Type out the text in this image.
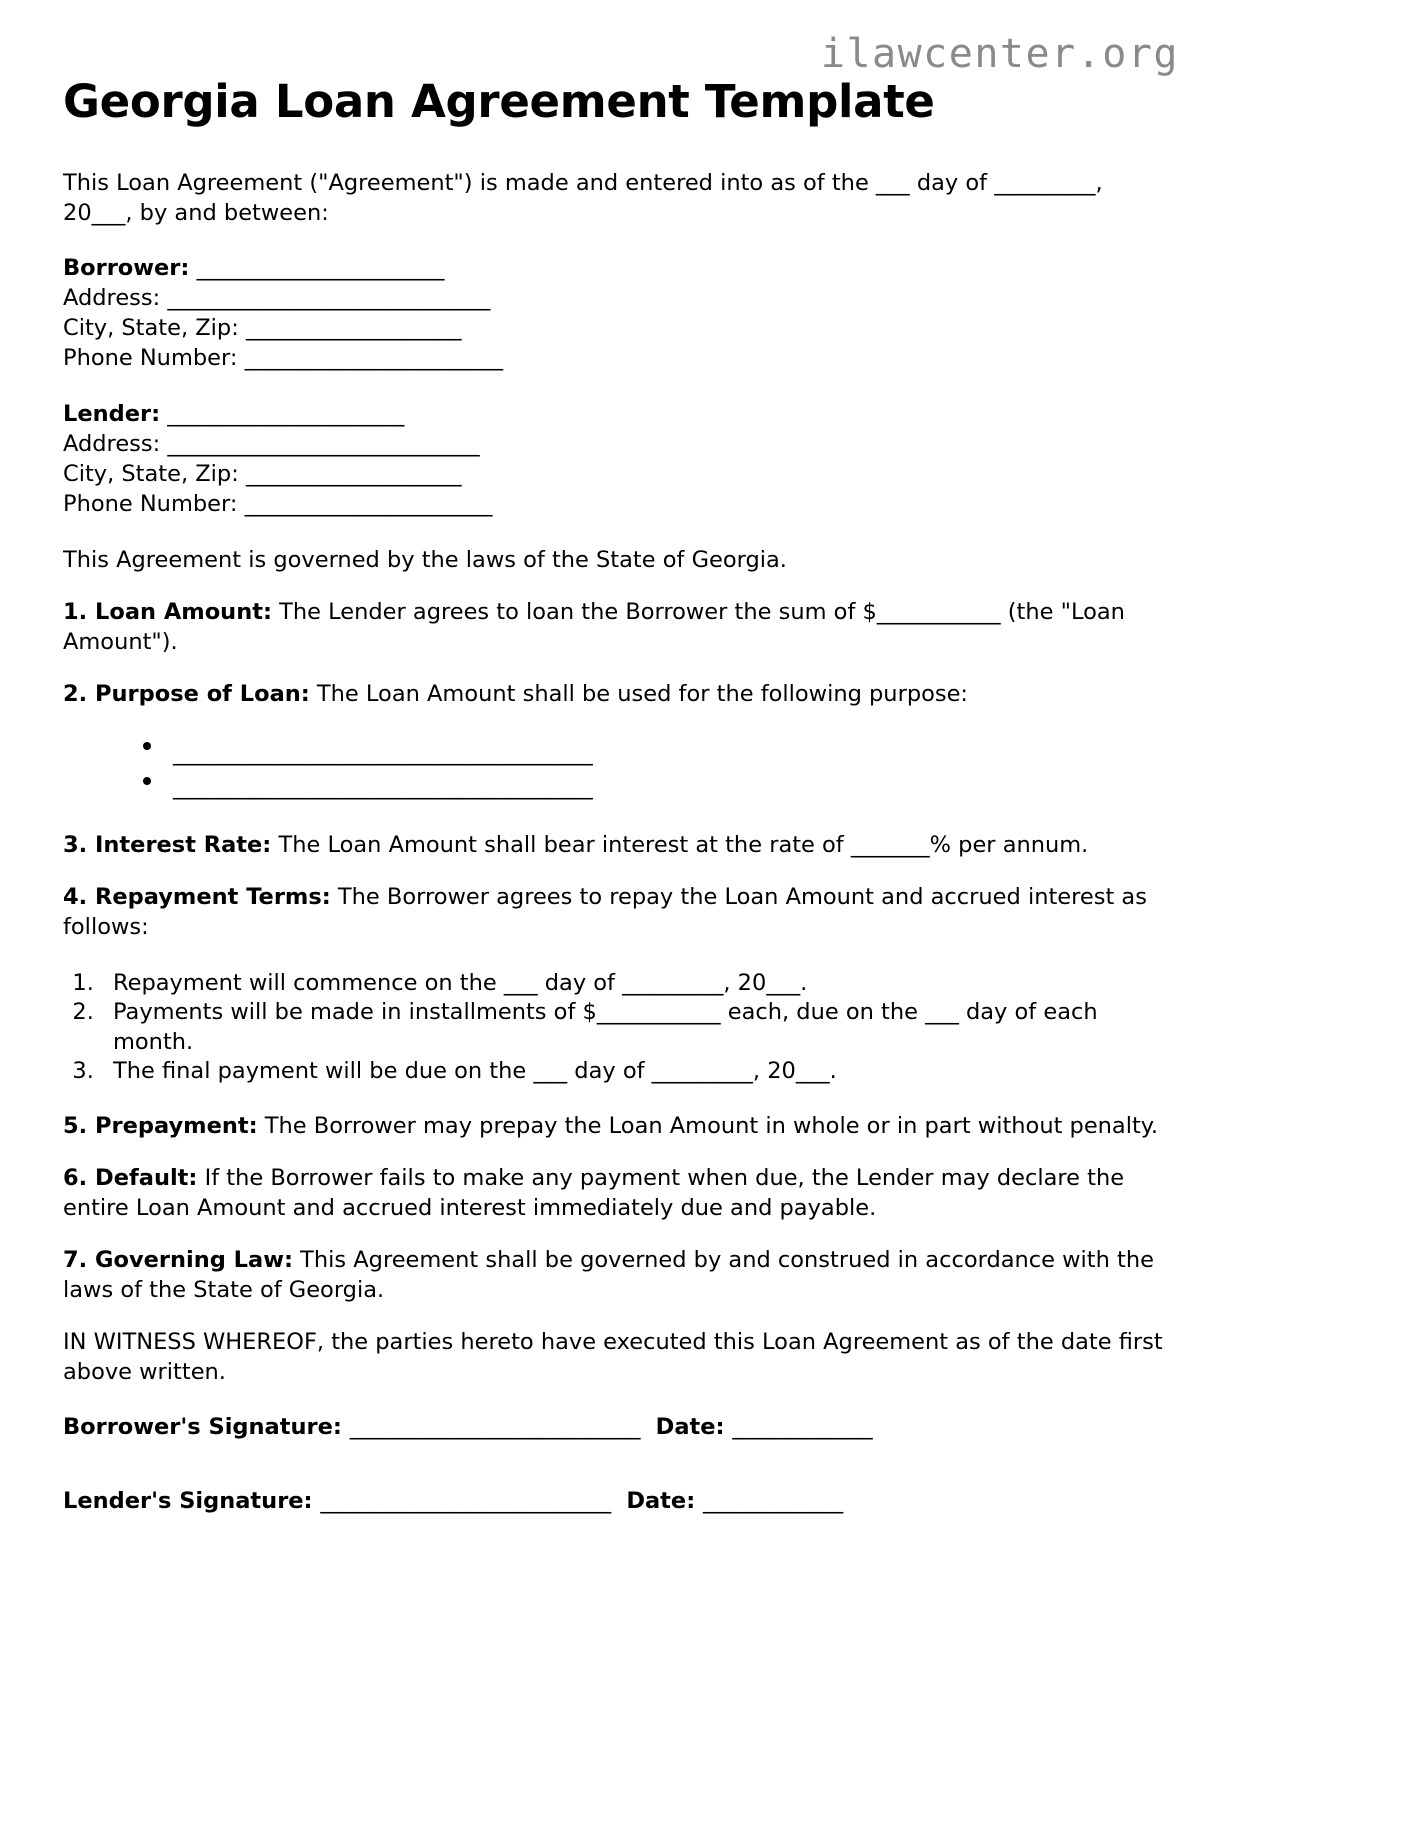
ilawcenter.org
Georgia Loan Agreement Template

This Loan Agreement ("Agreement") is made and entered into as of the ___ day of _________, 20___, by and between:

Borrower: _______________________
Address: ______________________________
City, State, Zip: ____________________
Phone Number: ________________________
Lender: ______________________
Address: _____________________________
City, State, Zip: ____________________
Phone Number: _______________________

This Agreement is governed by the laws of the State of Georgia.

1. Loan Amount: The Lender agrees to loan the Borrower the sum of $___________ (the "Loan Amount").

2. Purpose of Loan: The Loan Amount shall be used for the following purpose:

_______________________________________
_______________________________________

3. Interest Rate: The Loan Amount shall bear interest at the rate of _______% per annum.

4. Repayment Terms: The Borrower agrees to repay the Loan Amount and accrued interest as follows:

1. Repayment will commence on the ___ day of _________, 20___.
2. Payments will be made in installments of $___________ each, due on the ___ day of each month.
3. The final payment will be due on the ___ day of _________, 20___.

5. Prepayment: The Borrower may prepay the Loan Amount in whole or in part without penalty.

6. Default: If the Borrower fails to make any payment when due, the Lender may declare the entire Loan Amount and accrued interest immediately due and payable.

7. Governing Law: This Agreement shall be governed by and construed in accordance with the laws of the State of Georgia.

IN WITNESS WHEREOF, the parties hereto have executed this Loan Agreement as of the date first above written.

Borrower's Signature: ___________________________ Date: _____________
Lender's Signature: ___________________________ Date: _____________
